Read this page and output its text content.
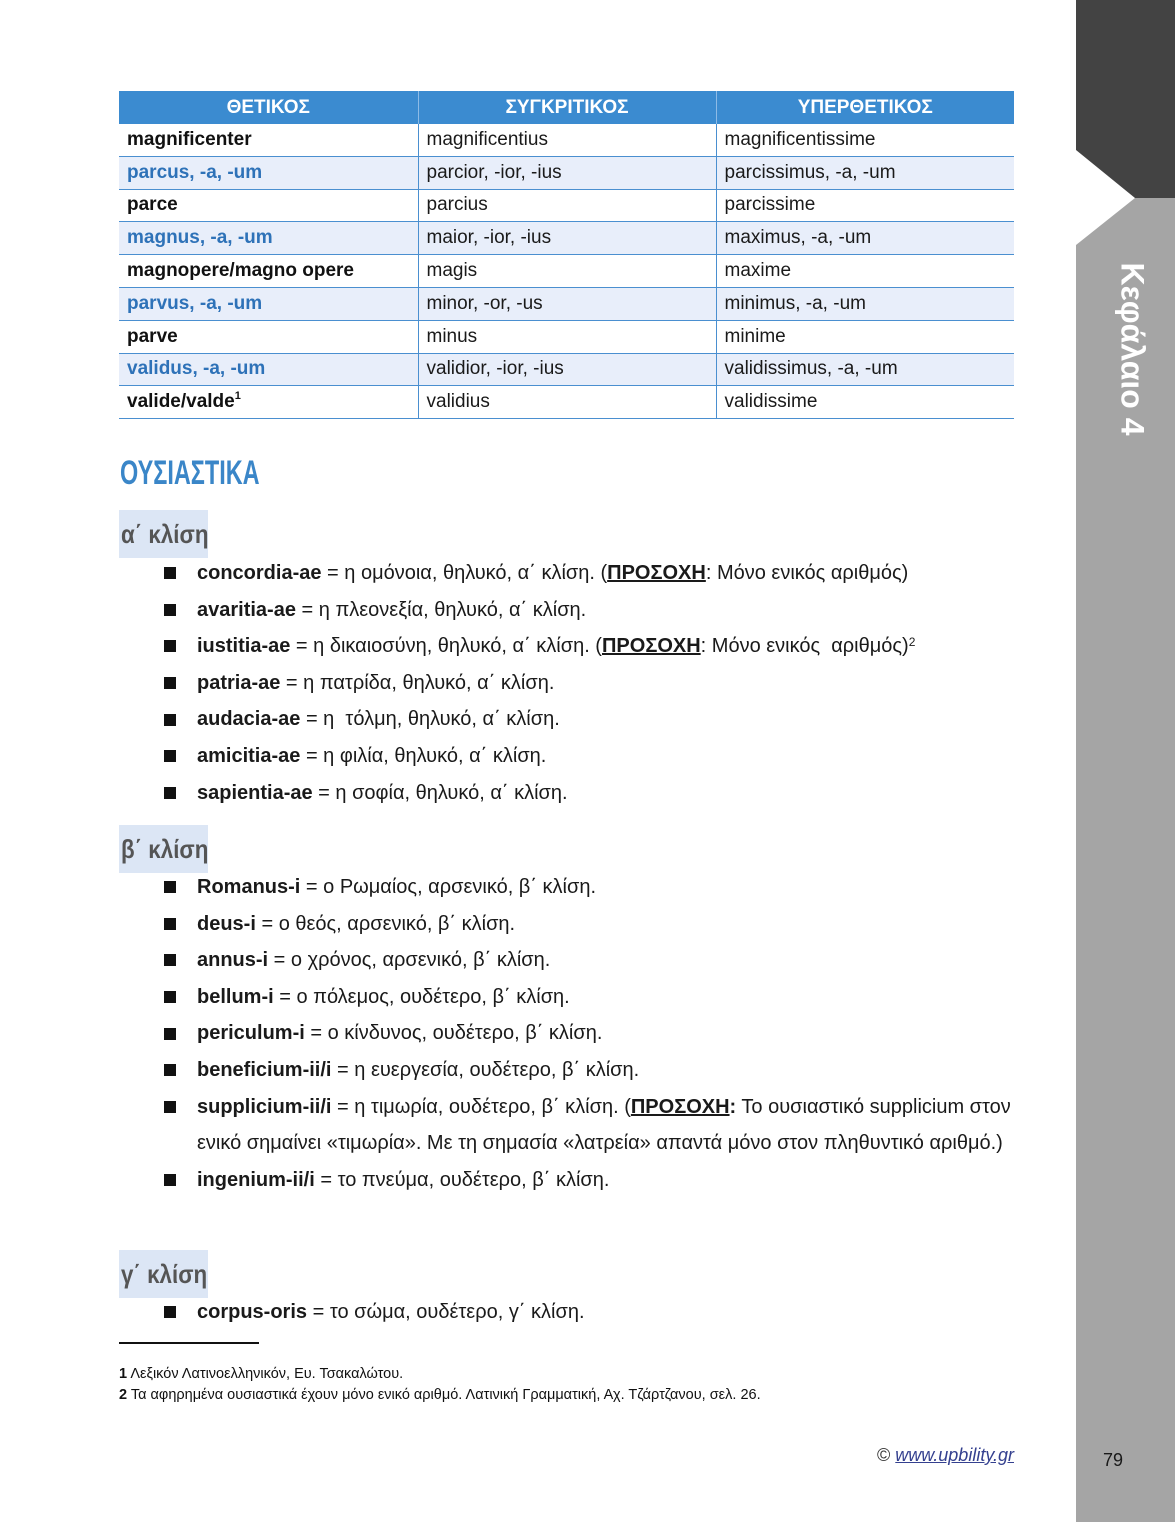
Κεφάλαιο 4
79
ΘΕΤΙΚΟΣ	ΣΥΓΚΡΙΤΙΚΟΣ	ΥΠΕΡΘΕΤΙΚΟΣ
magnificenter	magnificentius	magnificentissime
parcus, -a, -um	parcior, -ior, -ius	parcissimus, -a, -um
parce	parcius	parcissime
magnus, -a, -um	maior, -ior, -ius	maximus, -a, -um
magnopere/magno opere	magis	maxime
parvus, -a, -um	minor, -or, -us	minimus, -a, -um
parve	minus	minime
validus, -a, -um	validior, -ior, -ius	validissimus, -a, -um
valide/valde$^1$	validius	validissime
ΟΥΣΙΑΣΤΙΚΑ
α΄ κλίση
concordia-ae = η ομόνοια, θηλυκό, α΄ κλίση. (ΠΡΟΣΟΧΗ: Μόνο ενικός αριθμός)
avaritia-ae = η πλεονεξία, θηλυκό, α΄ κλίση.
iustitia-ae = η δικαιοσύνη, θηλυκό, α΄ κλίση. (ΠΡΟΣΟΧΗ: Μόνο ενικός  αριθμός)$^2$
patria-ae = η πατρίδα, θηλυκό, α΄ κλίση.
audacia-ae = η  τόλμη, θηλυκό, α΄ κλίση.
amicitia-ae = η φιλία, θηλυκό, α΄ κλίση.
sapientia-ae = η σοφία, θηλυκό, α΄ κλίση.
β΄ κλίση
Romanus-i = ο Ρωμαίος, αρσενικό, β΄ κλίση.
deus-i = ο θεός, αρσενικό, β΄ κλίση.
annus-i = ο χρόνος, αρσενικό, β΄ κλίση.
bellum-i = ο πόλεμος, ουδέτερο, β΄ κλίση.
periculum-i = ο κίνδυνος, ουδέτερο, β΄ κλίση.
beneficium-ii/i = η ευεργεσία, ουδέτερο, β΄ κλίση.
supplicium-ii/i = η τιμωρία, ουδέτερο, β΄ κλίση. (ΠΡΟΣΟΧΗ: Το ουσιαστικό supplicium στον ενικό σημαίνει «τιμωρία». Με τη σημασία «λατρεία» απαντά μόνο στον πληθυντικό αριθμό.)
ingenium-ii/i = το πνεύμα, ουδέτερο, β΄ κλίση.
γ΄ κλίση
corpus-oris = το σώμα, ουδέτερο, γ΄ κλίση.
1 Λεξικόν Λατινοελληνικόν, Ευ. Τσακαλώτου.
2 Τα αφηρημένα ουσιαστικά έχουν μόνο ενικό αριθμό. Λατινική Γραμματική, Αχ. Τζάρτζανου, σελ. 26.
© www.upbility.gr
